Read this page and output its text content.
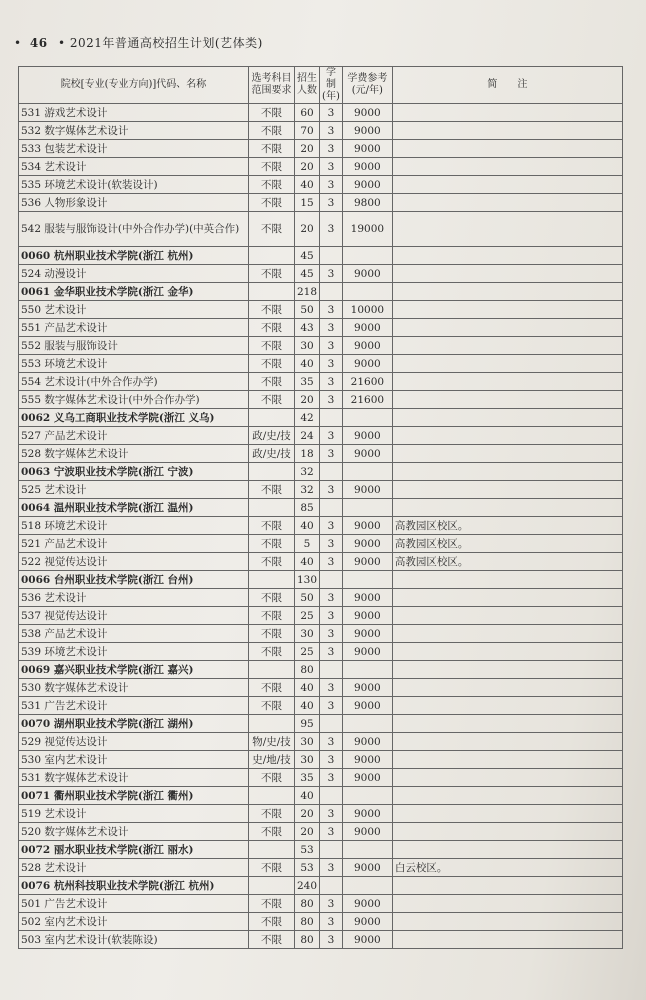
• 46 • 2021年普通高校招生计划(艺体类)
院校[专业(专业方向)]代码、名称	选考科目范围要求	招生人数	学制(年)	学费参考(元/年)	简　　注
531 游戏艺术设计	不限	60	3	9000	
532 数字媒体艺术设计	不限	70	3	9000	
533 包装艺术设计	不限	20	3	9000	
534 艺术设计	不限	20	3	9000	
535 环境艺术设计(软装设计)	不限	40	3	9000	
536 人物形象设计	不限	15	3	9800	
542 服装与服饰设计(中外合作办学)(中英合作)	不限	20	3	19000	
0060 杭州职业技术学院(浙江 杭州)		45			
524 动漫设计	不限	45	3	9000	
0061 金华职业技术学院(浙江 金华)		218			
550 艺术设计	不限	50	3	10000	
551 产品艺术设计	不限	43	3	9000	
552 服装与服饰设计	不限	30	3	9000	
553 环境艺术设计	不限	40	3	9000	
554 艺术设计(中外合作办学)	不限	35	3	21600	
555 数字媒体艺术设计(中外合作办学)	不限	20	3	21600	
0062 义乌工商职业技术学院(浙江 义乌)		42			
527 产品艺术设计	政/史/技	24	3	9000	
528 数字媒体艺术设计	政/史/技	18	3	9000	
0063 宁波职业技术学院(浙江 宁波)		32			
525 艺术设计	不限	32	3	9000	
0064 温州职业技术学院(浙江 温州)		85			
518 环境艺术设计	不限	40	3	9000	高教园区校区。
521 产品艺术设计	不限	5	3	9000	高教园区校区。
522 视觉传达设计	不限	40	3	9000	高教园区校区。
0066 台州职业技术学院(浙江 台州)		130			
536 艺术设计	不限	50	3	9000	
537 视觉传达设计	不限	25	3	9000	
538 产品艺术设计	不限	30	3	9000	
539 环境艺术设计	不限	25	3	9000	
0069 嘉兴职业技术学院(浙江 嘉兴)		80			
530 数字媒体艺术设计	不限	40	3	9000	
531 广告艺术设计	不限	40	3	9000	
0070 湖州职业技术学院(浙江 湖州)		95			
529 视觉传达设计	物/史/技	30	3	9000	
530 室内艺术设计	史/地/技	30	3	9000	
531 数字媒体艺术设计	不限	35	3	9000	
0071 衢州职业技术学院(浙江 衢州)		40			
519 艺术设计	不限	20	3	9000	
520 数字媒体艺术设计	不限	20	3	9000	
0072 丽水职业技术学院(浙江 丽水)		53			
528 艺术设计	不限	53	3	9000	白云校区。
0076 杭州科技职业技术学院(浙江 杭州)		240			
501 广告艺术设计	不限	80	3	9000	
502 室内艺术设计	不限	80	3	9000	
503 室内艺术设计(软装陈设)	不限	80	3	9000	
